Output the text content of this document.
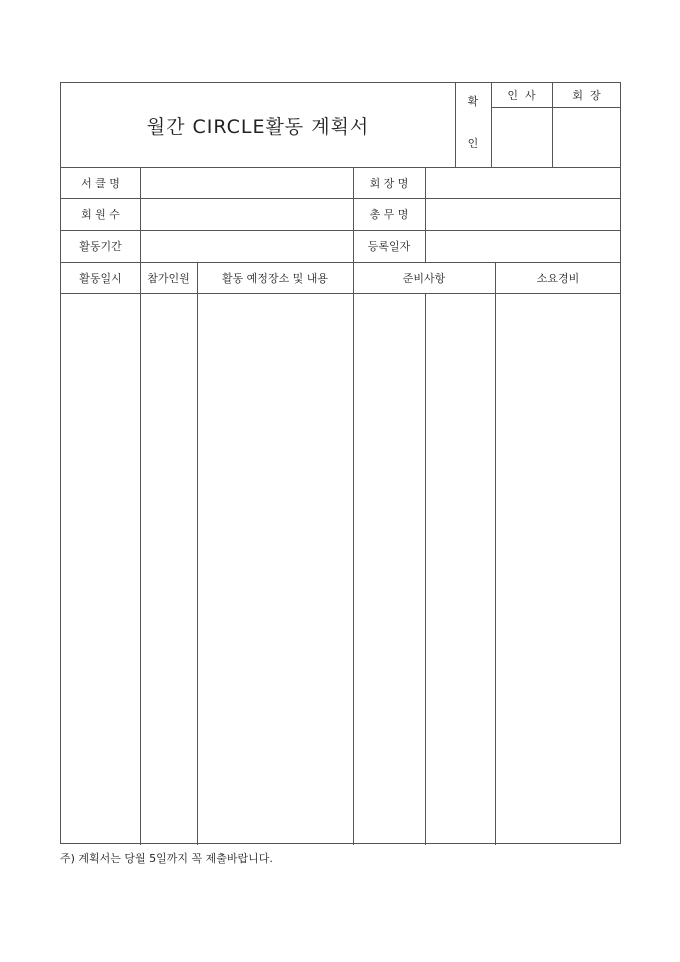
월간 CIRCLE활동 계획서
확
인
인  사	회  장
서 클 명	회 장 명
회 원 수	총 무 명
활동기간	등록일자
활동일시	참가인원	활동 예정장소 및 내용	준비사항	소요경비
주) 계획서는 당월 5일까지 꼭 제출바랍니다.
